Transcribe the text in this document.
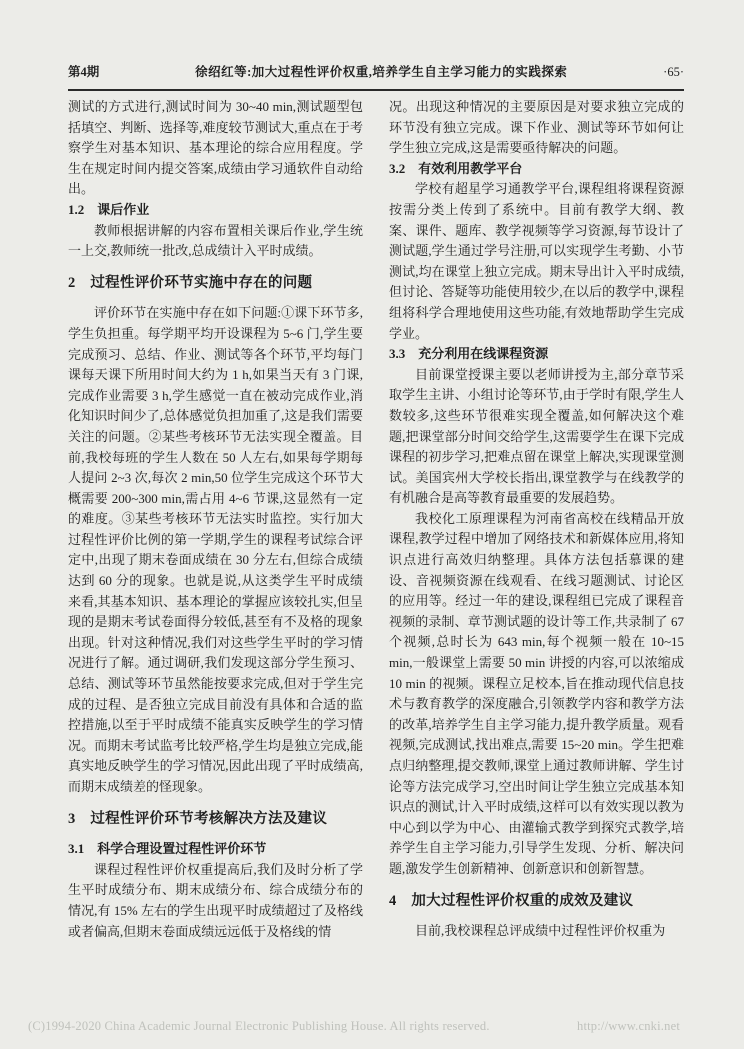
第4期	徐绍红等:加大过程性评价权重,培养学生自主学习能力的实践探索	·65·
测试的方式进行,测试时间为 30~40 min,测试题型包括填空、判断、选择等,难度较节测试大,重点在于考察学生对基本知识、基本理论的综合应用程度。学生在规定时间内提交答案,成绩由学习通软件自动给出。
1.2　课后作业
教师根据讲解的内容布置相关课后作业,学生统一上交,教师统一批改,总成绩计入平时成绩。
2　过程性评价环节实施中存在的问题
评价环节在实施中存在如下问题:①课下环节多,学生负担重。每学期平均开设课程为 5~6 门,学生要完成预习、总结、作业、测试等各个环节,平均每门课每天课下所用时间大约为 1 h,如果当天有 3 门课,完成作业需要 3 h,学生感觉一直在被动完成作业,消化知识时间少了,总体感觉负担加重了,这是我们需要关注的问题。②某些考核环节无法实现全覆盖。目前,我校每班的学生人数在 50 人左右,如果每学期每人提问 2~3 次,每次 2 min,50 位学生完成这个环节大概需要 200~300 min,需占用 4~6 节课,这显然有一定的难度。③某些考核环节无法实时监控。实行加大过程性评价比例的第一学期,学生的课程考试综合评定中,出现了期末卷面成绩在 30 分左右,但综合成绩达到 60 分的现象。也就是说,从这类学生平时成绩来看,其基本知识、基本理论的掌握应该较扎实,但呈现的是期末考试卷面得分较低,甚至有不及格的现象出现。针对这种情况,我们对这些学生平时的学习情况进行了解。通过调研,我们发现这部分学生预习、总结、测试等环节虽然能按要求完成,但对于学生完成的过程、是否独立完成目前没有具体和合适的监控措施,以至于平时成绩不能真实反映学生的学习情况。而期末考试监考比较严格,学生均是独立完成,能真实地反映学生的学习情况,因此出现了平时成绩高,而期末成绩差的怪现象。
3　过程性评价环节考核解决方法及建议
3.1　科学合理设置过程性评价环节
课程过程性评价权重提高后,我们及时分析了学生平时成绩分布、期末成绩分布、综合成绩分布的情况,有 15% 左右的学生出现平时成绩超过了及格线或者偏高,但期末卷面成绩远远低于及格线的情
况。出现这种情况的主要原因是对要求独立完成的环节没有独立完成。课下作业、测试等环节如何让学生独立完成,这是需要亟待解决的问题。
3.2　有效利用教学平台
学校有超星学习通教学平台,课程组将课程资源按需分类上传到了系统中。目前有教学大纲、教案、课件、题库、教学视频等学习资源,每节设计了测试题,学生通过学号注册,可以实现学生考勤、小节测试,均在课堂上独立完成。期末导出计入平时成绩,但讨论、答疑等功能使用较少,在以后的教学中,课程组将科学合理地使用这些功能,有效地帮助学生完成学业。
3.3　充分利用在线课程资源
目前课堂授课主要以老师讲授为主,部分章节采取学生主讲、小组讨论等环节,由于学时有限,学生人数较多,这些环节很难实现全覆盖,如何解决这个难题,把课堂部分时间交给学生,这需要学生在课下完成课程的初步学习,把难点留在课堂上解决,实现课堂测试。美国宾州大学校长指出,课堂教学与在线教学的有机融合是高等教育最重要的发展趋势。
我校化工原理课程为河南省高校在线精品开放课程,教学过程中增加了网络技术和新媒体应用,将知识点进行高效归纳整理。具体方法包括慕课的建设、音视频资源在线观看、在线习题测试、讨论区的应用等。经过一年的建设,课程组已完成了课程音视频的录制、章节测试题的设计等工作,共录制了 67 个视频,总时长为 643 min,每个视频一般在 10~15 min,一般课堂上需要 50 min 讲授的内容,可以浓缩成 10 min 的视频。课程立足校本,旨在推动现代信息技术与教育教学的深度融合,引领教学内容和教学方法的改革,培养学生自主学习能力,提升教学质量。观看视频,完成测试,找出难点,需要 15~20 min。学生把难点归纳整理,提交教师,课堂上通过教师讲解、学生讨论等方法完成学习,空出时间让学生独立完成基本知识点的测试,计入平时成绩,这样可以有效实现以教为中心到以学为中心、由灌输式教学到探究式教学,培养学生自主学习能力,引导学生发现、分析、解决问题,激发学生创新精神、创新意识和创新智慧。
4　加大过程性评价权重的成效及建议
目前,我校课程总评成绩中过程性评价权重为
(C)1994-2020 China Academic Journal Electronic Publishing House. All rights reserved.	http://www.cnki.net
